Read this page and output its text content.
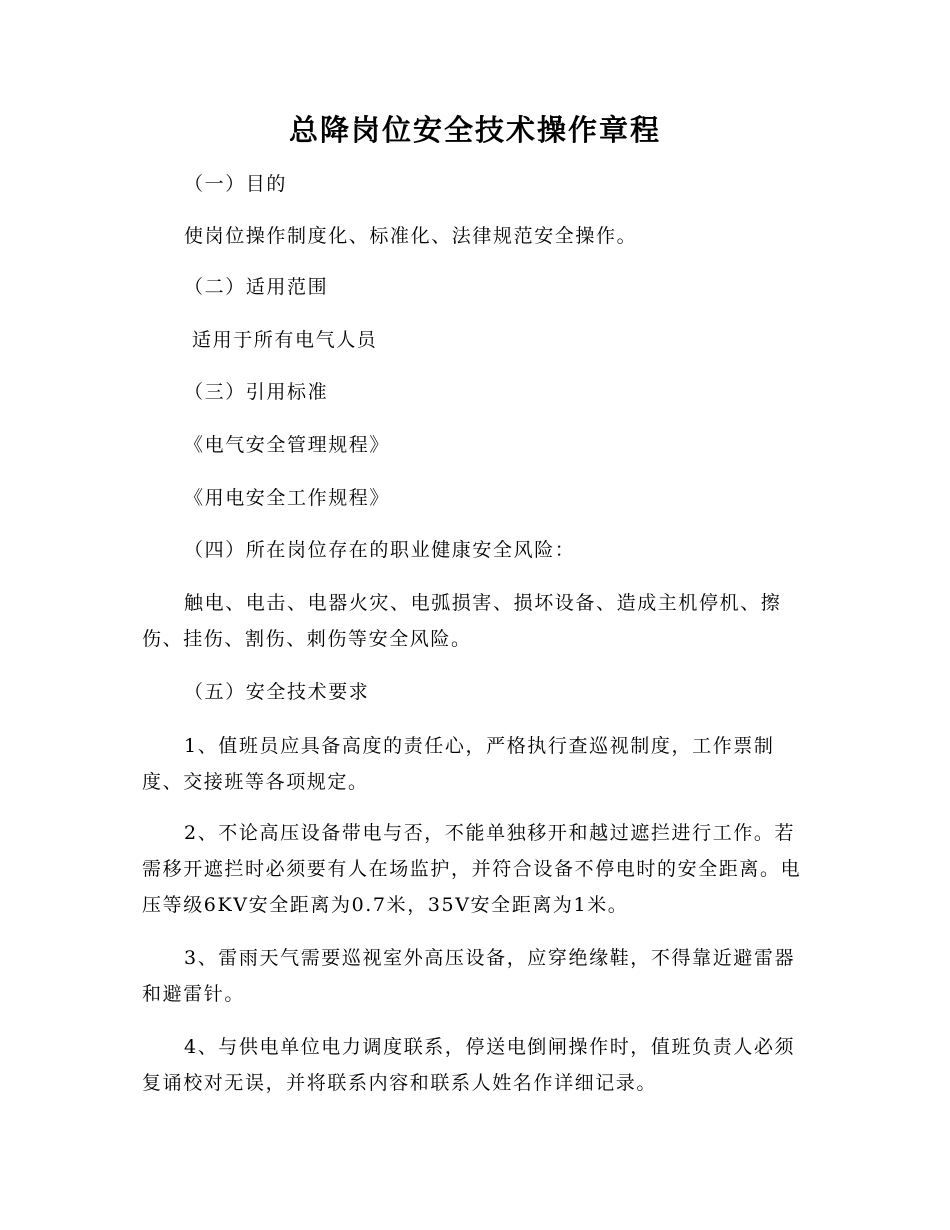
总降岗位安全技术操作章程
（一）目的
使岗位操作制度化、标准化、法律规范安全操作。
（二）适用范围
适用于所有电气人员
（三）引用标准
《电气安全管理规程》
《用电安全工作规程》
（四）所在岗位存在的职业健康安全风险：
触电、电击、电器火灾、电弧损害、损坏设备、造成主机停机、擦伤、挂伤、割伤、刺伤等安全风险。
（五）安全技术要求
1、值班员应具备高度的责任心，严格执行查巡视制度，工作票制度、交接班等各项规定。
2、不论高压设备带电与否，不能单独移开和越过遮拦进行工作。若需移开遮拦时必须要有人在场监护，并符合设备不停电时的安全距离。电压等级6KV安全距离为0.7米，35V安全距离为1米。
3、雷雨天气需要巡视室外高压设备，应穿绝缘鞋，不得靠近避雷器和避雷针。
4、与供电单位电力调度联系，停送电倒闸操作时，值班负责人必须复诵校对无误，并将联系内容和联系人姓名作详细记录。
